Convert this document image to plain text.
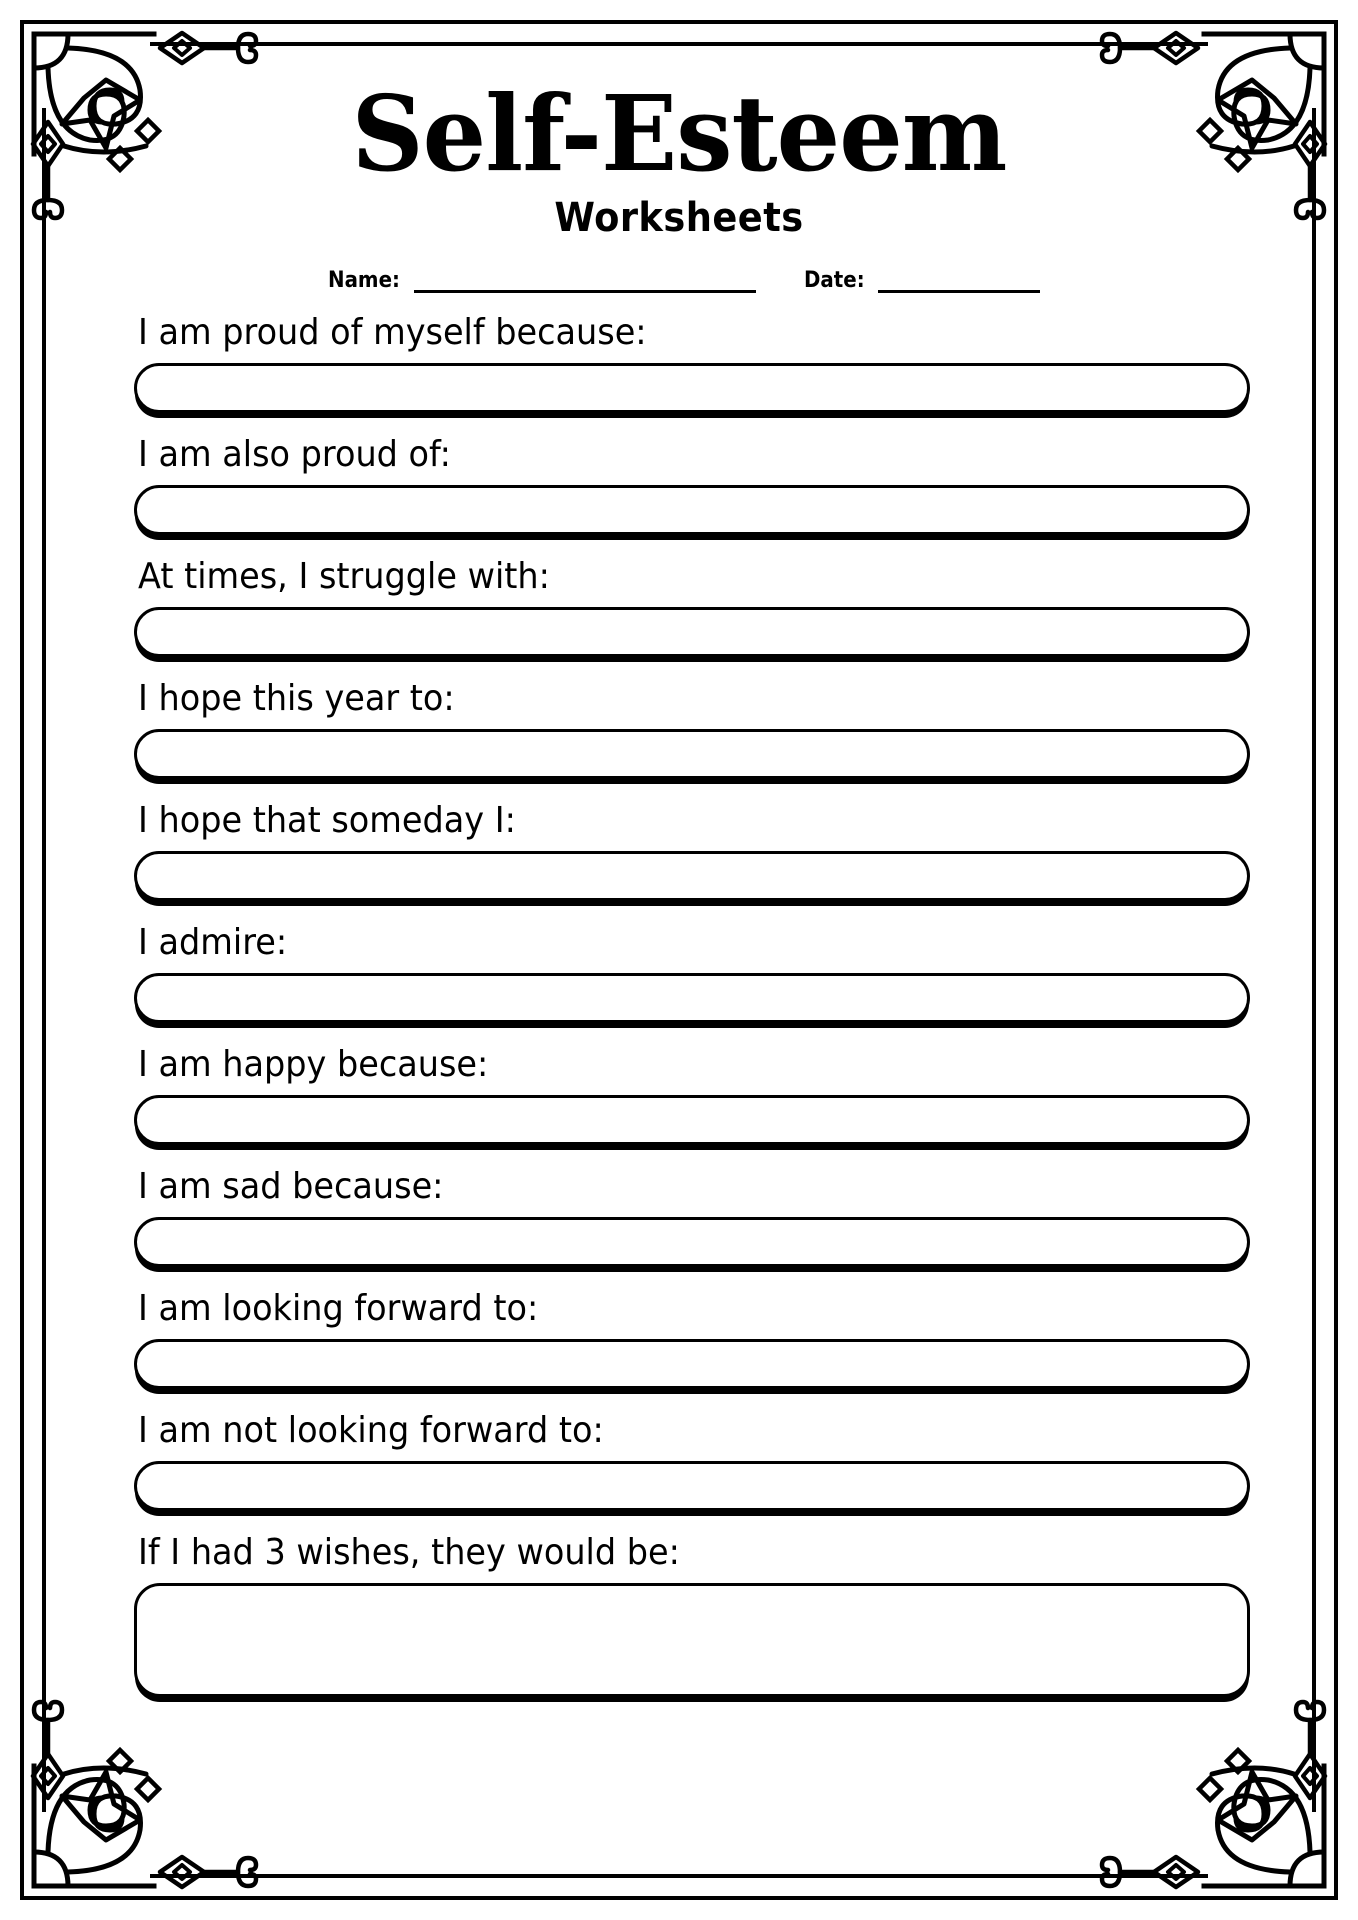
Self-Esteem
Worksheets
Name:	Date:
I am proud of myself because:
I am also proud of:
At times, I struggle with:
I hope this year to:
I hope that someday I:
I admire:
I am happy because:
I am sad because:
I am looking forward to:
I am not looking forward to:
If I had 3 wishes, they would be:
